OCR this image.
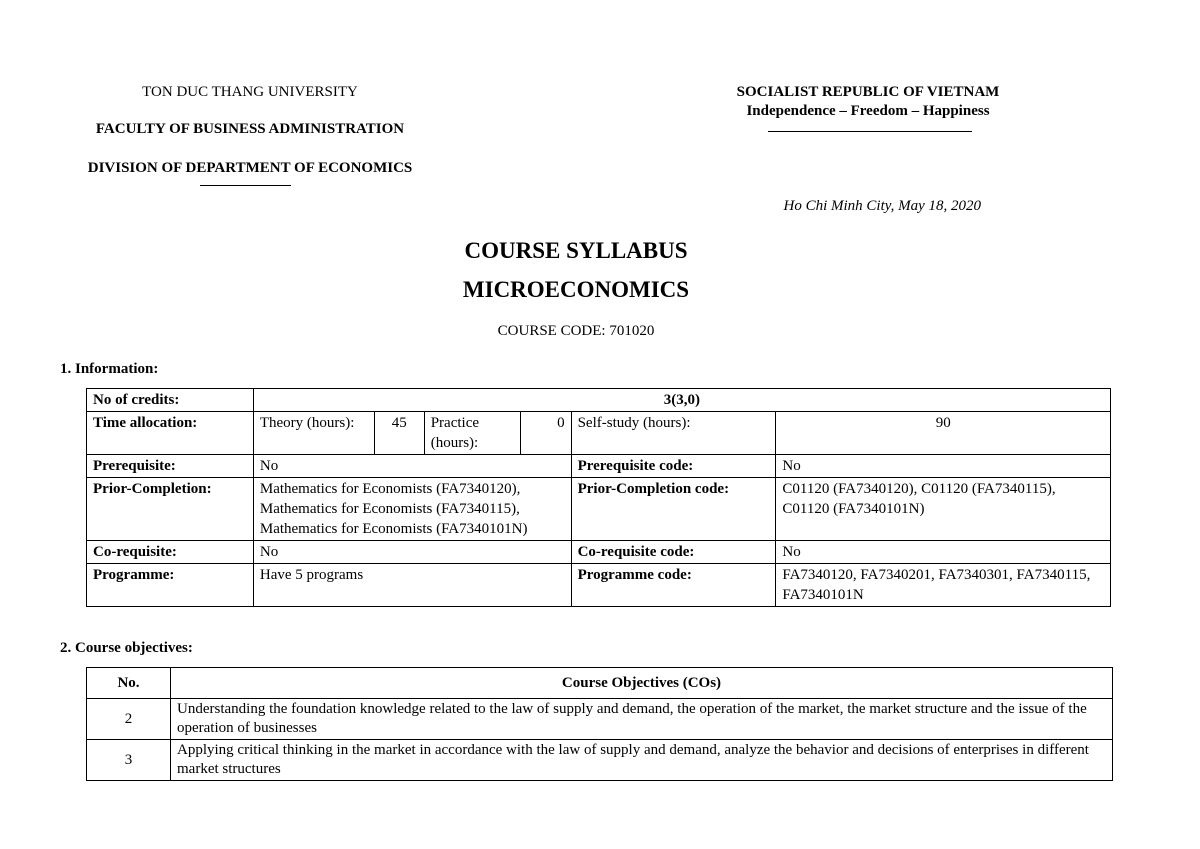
TON DUC THANG UNIVERSITY
FACULTY OF BUSINESS ADMINISTRATION
DIVISION OF DEPARTMENT OF ECONOMICS
SOCIALIST REPUBLIC OF VIETNAM
Independence – Freedom – Happiness
Ho Chi Minh City, May 18, 2020
COURSE SYLLABUS
MICROECONOMICS
COURSE CODE: 701020
1. Information:
No of credits:	3(3,0)					
Time allocation:	Theory (hours):	45	Practice (hours):	0	Self-study (hours):	90
Prerequisite:	No				Prerequisite code:	No
Prior-Completion:	Mathematics for Economists (FA7340120), Mathematics for Economists (FA7340115), Mathematics for Economists (FA7340101N)				Prior-Completion code:	C01120 (FA7340120), C01120 (FA7340115), C01120 (FA7340101N)
Co-requisite:	No				Co-requisite code:	No
Programme:	Have 5 programs				Programme code:	FA7340120, FA7340201, FA7340301, FA7340115, FA7340101N
2. Course objectives:
No.	Course Objectives (COs)
2	Understanding the foundation knowledge related to the law of supply and demand, the operation of the market, the market structure and the issue of the operation of businesses
3	Applying critical thinking in the market in accordance with the law of supply and demand, analyze the behavior and decisions of enterprises in different market structures
